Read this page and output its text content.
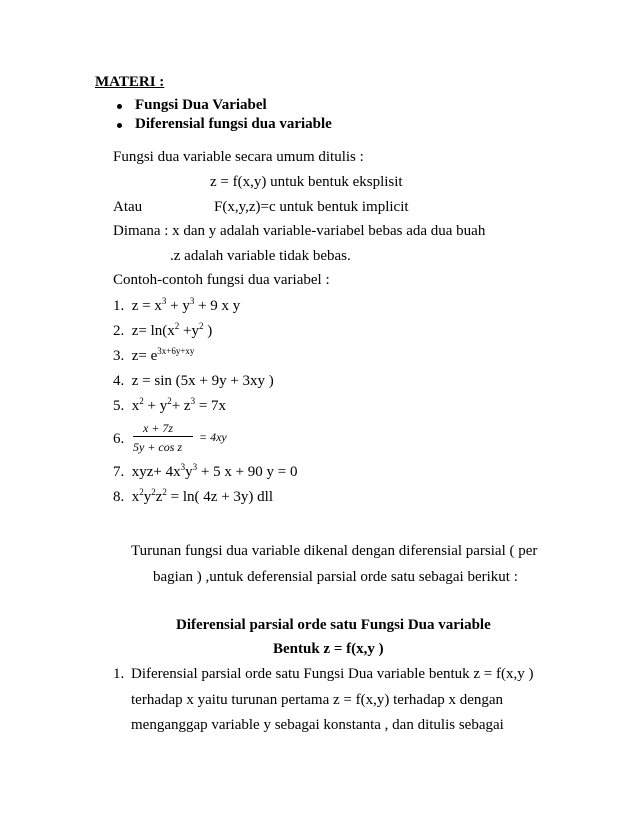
MATERI :
Fungsi Dua Variabel
Diferensial fungsi dua variable
Fungsi dua variable secara umum ditulis :
z = f(x,y) untuk bentuk eksplisit
Atau	F(x,y,z)=c untuk bentuk implicit
Dimana : x dan y adalah variable-variabel bebas ada dua buah
.z adalah variable tidak bebas.
Contoh-contoh fungsi dua variabel :
1. $z = x^3 + y^3 + 9$ x y
2. $z= \ln(x^2 +y^2$ )
3. $z= e^{3x+6y+xy}$
4. z = sin (5x + 9y + 3xy )
5. $x^2 + y^2+ z^3 = 7x$
6.
x + 7z
5y + cos z
= 4xy
7. $xyz+ 4x^3y^3 + 5$ x + 90 y = 0
8. $x^2y^2z^2 = \ln$( 4z + 3y) dll
Turunan fungsi dua variable dikenal dengan diferensial parsial ( per
bagian ) ,untuk deferensial parsial orde satu sebagai berikut :
Diferensial parsial orde satu Fungsi Dua variable
Bentuk z = f(x,y )
1. Diferensial parsial orde satu Fungsi Dua variable bentuk z = f(x,y )
terhadap x yaitu turunan pertama z = f(x,y) terhadap x dengan
menganggap variable y sebagai konstanta , dan ditulis sebagai
